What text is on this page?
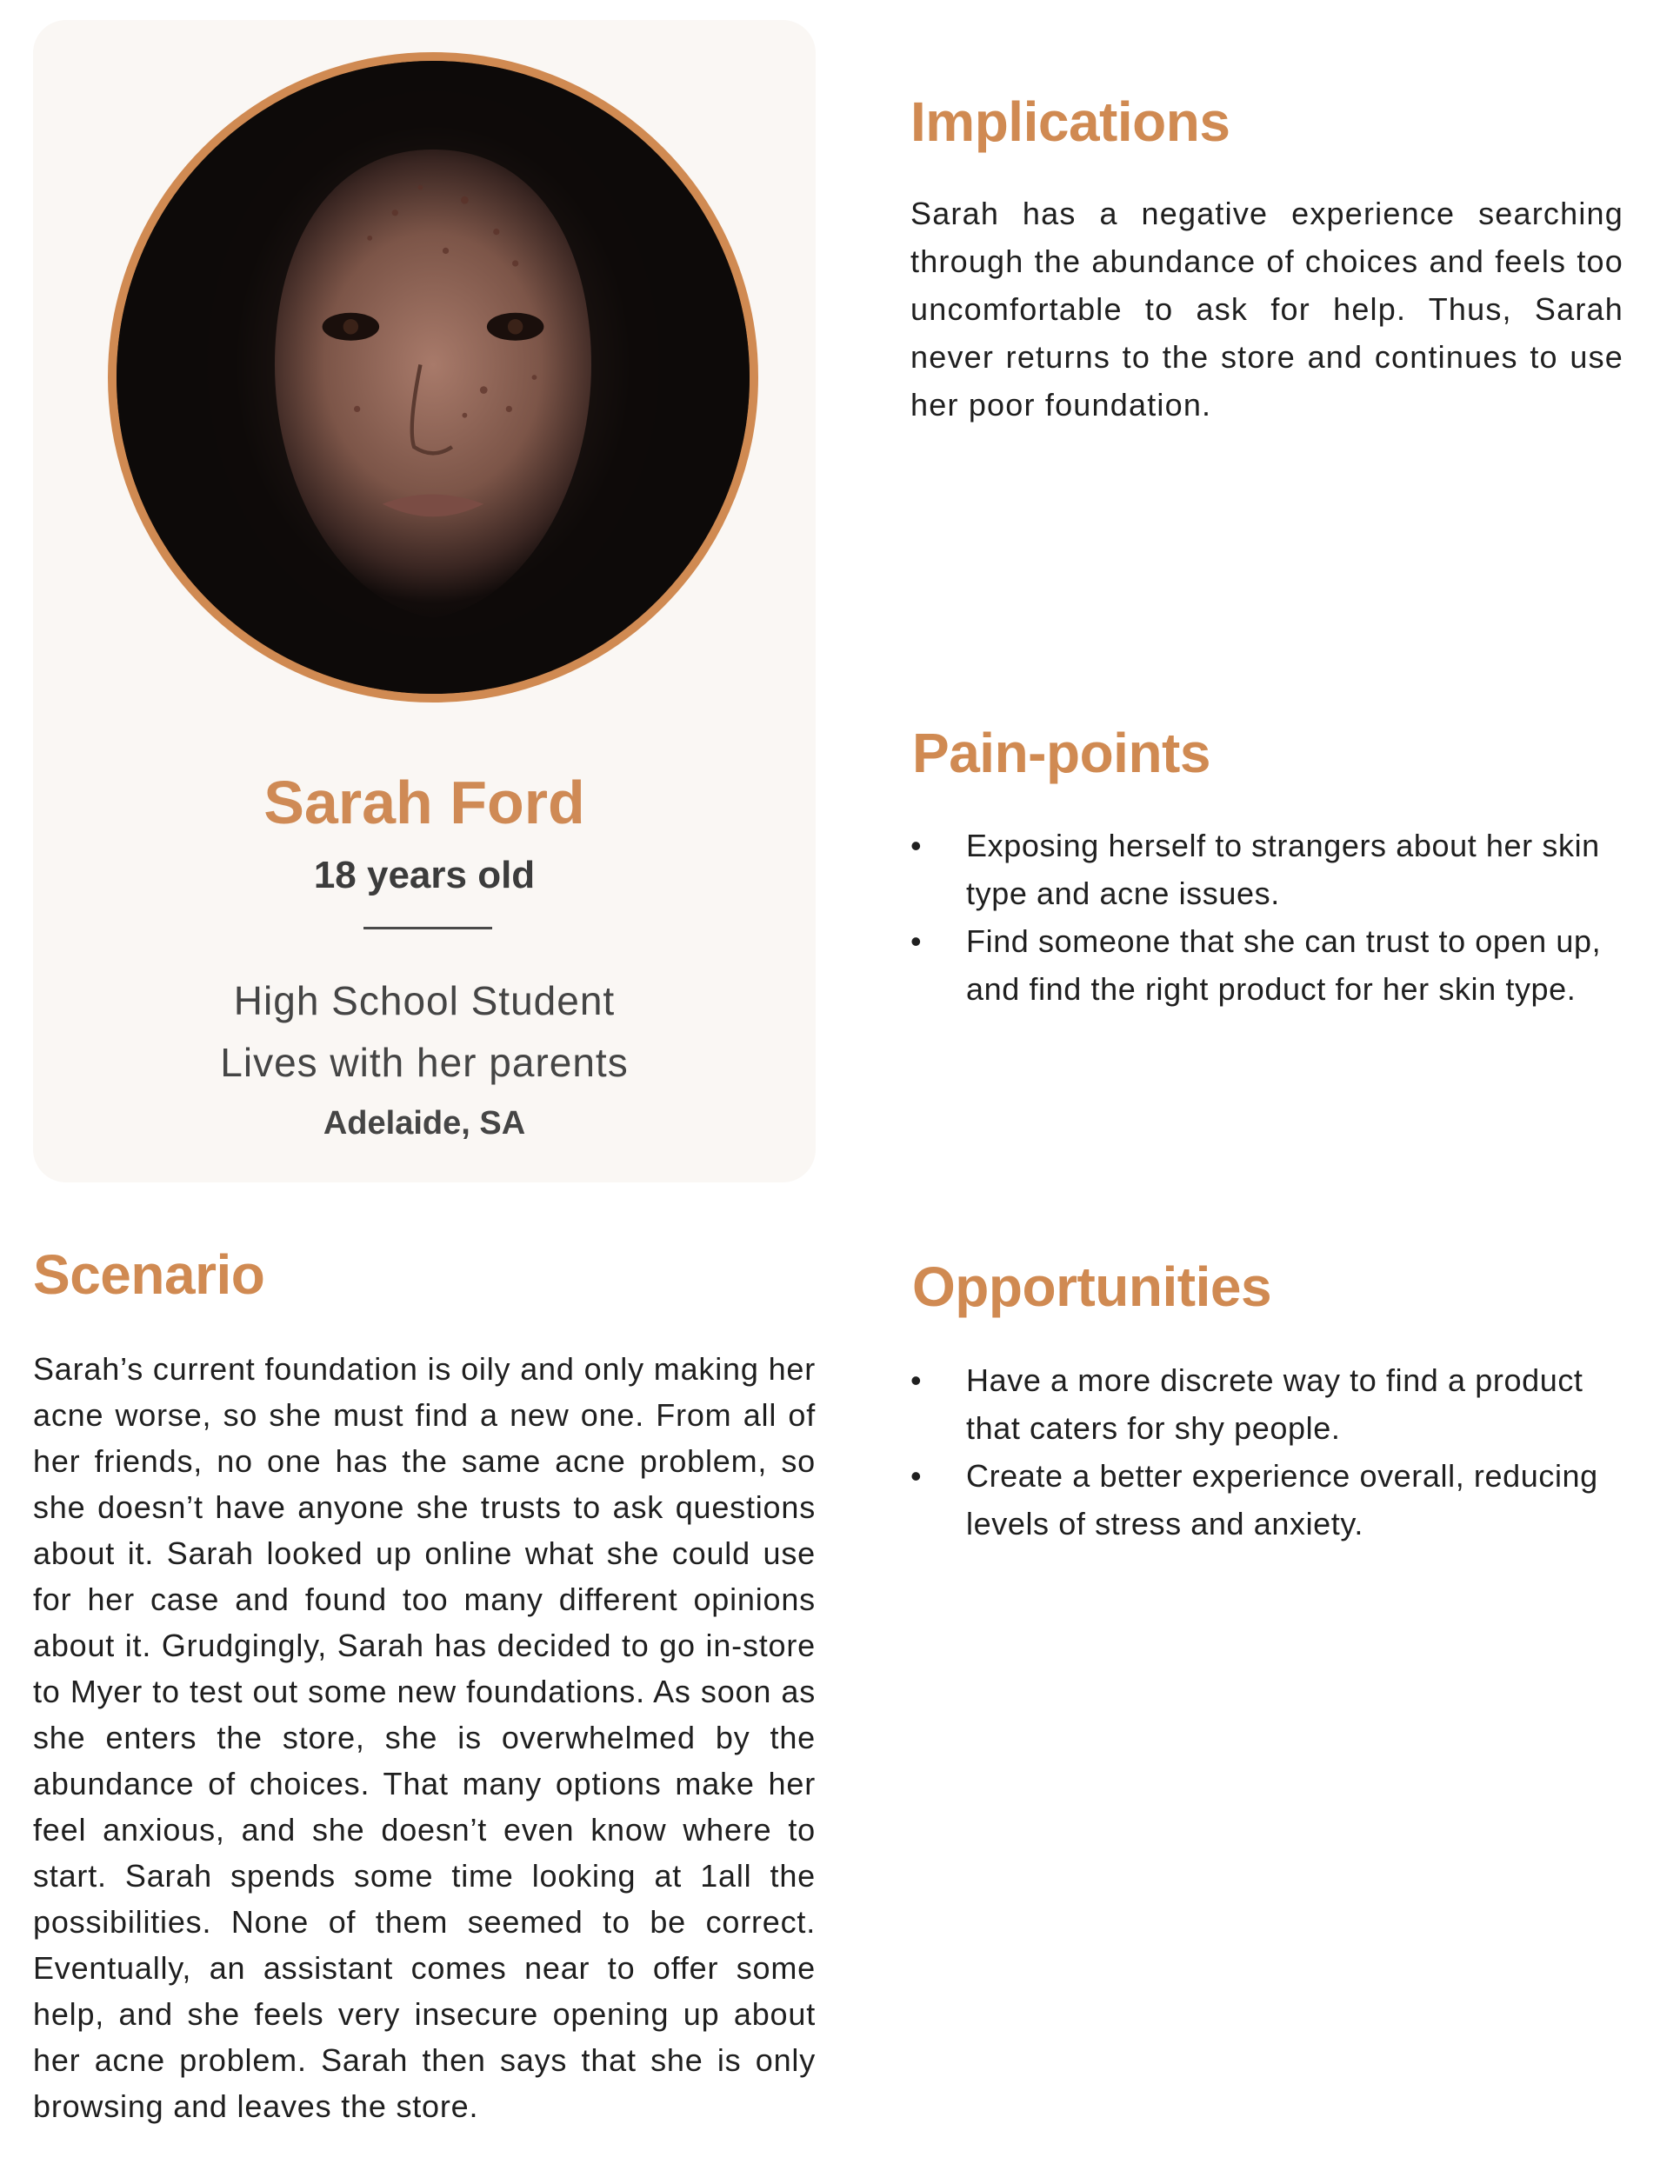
Sarah Ford
18 years old
High School Student
Lives with her parents
Adelaide, SA
Implications

Sarah has a negative experience searching through the abundance of choices and feels too uncomfortable to ask for help. Thus, Sarah never returns to the store and continues to use her poor foundation.

Pain-points
• Exposing herself to strangers about her skin type and acne issues.
• Find someone that she can trust to open up, and find the right product for her skin type.
Scenario

Sarah’s current foundation is oily and only making her acne worse, so she must find a new one. From all of her friends, no one has the same acne problem, so she doesn’t have anyone she trusts to ask questions about it. Sarah looked up online what she could use for her case and found too many different opinions about it. Grudgingly, Sarah has decided to go in-store to Myer to test out some new foundations. As soon as she enters the store, she is overwhelmed by the abundance of choices. That many options make her feel anxious, and she doesn’t even know where to start. Sarah spends some time looking at 1all the possibilities. None of them seemed to be correct. Eventually, an assistant comes near to offer some help, and she feels very insecure opening up about her acne problem. Sarah then says that she is only browsing and leaves the store.

Opportunities
• Have a more discrete way to find a product that caters for shy people.
• Create a better experience overall, reducing levels of stress and anxiety.
